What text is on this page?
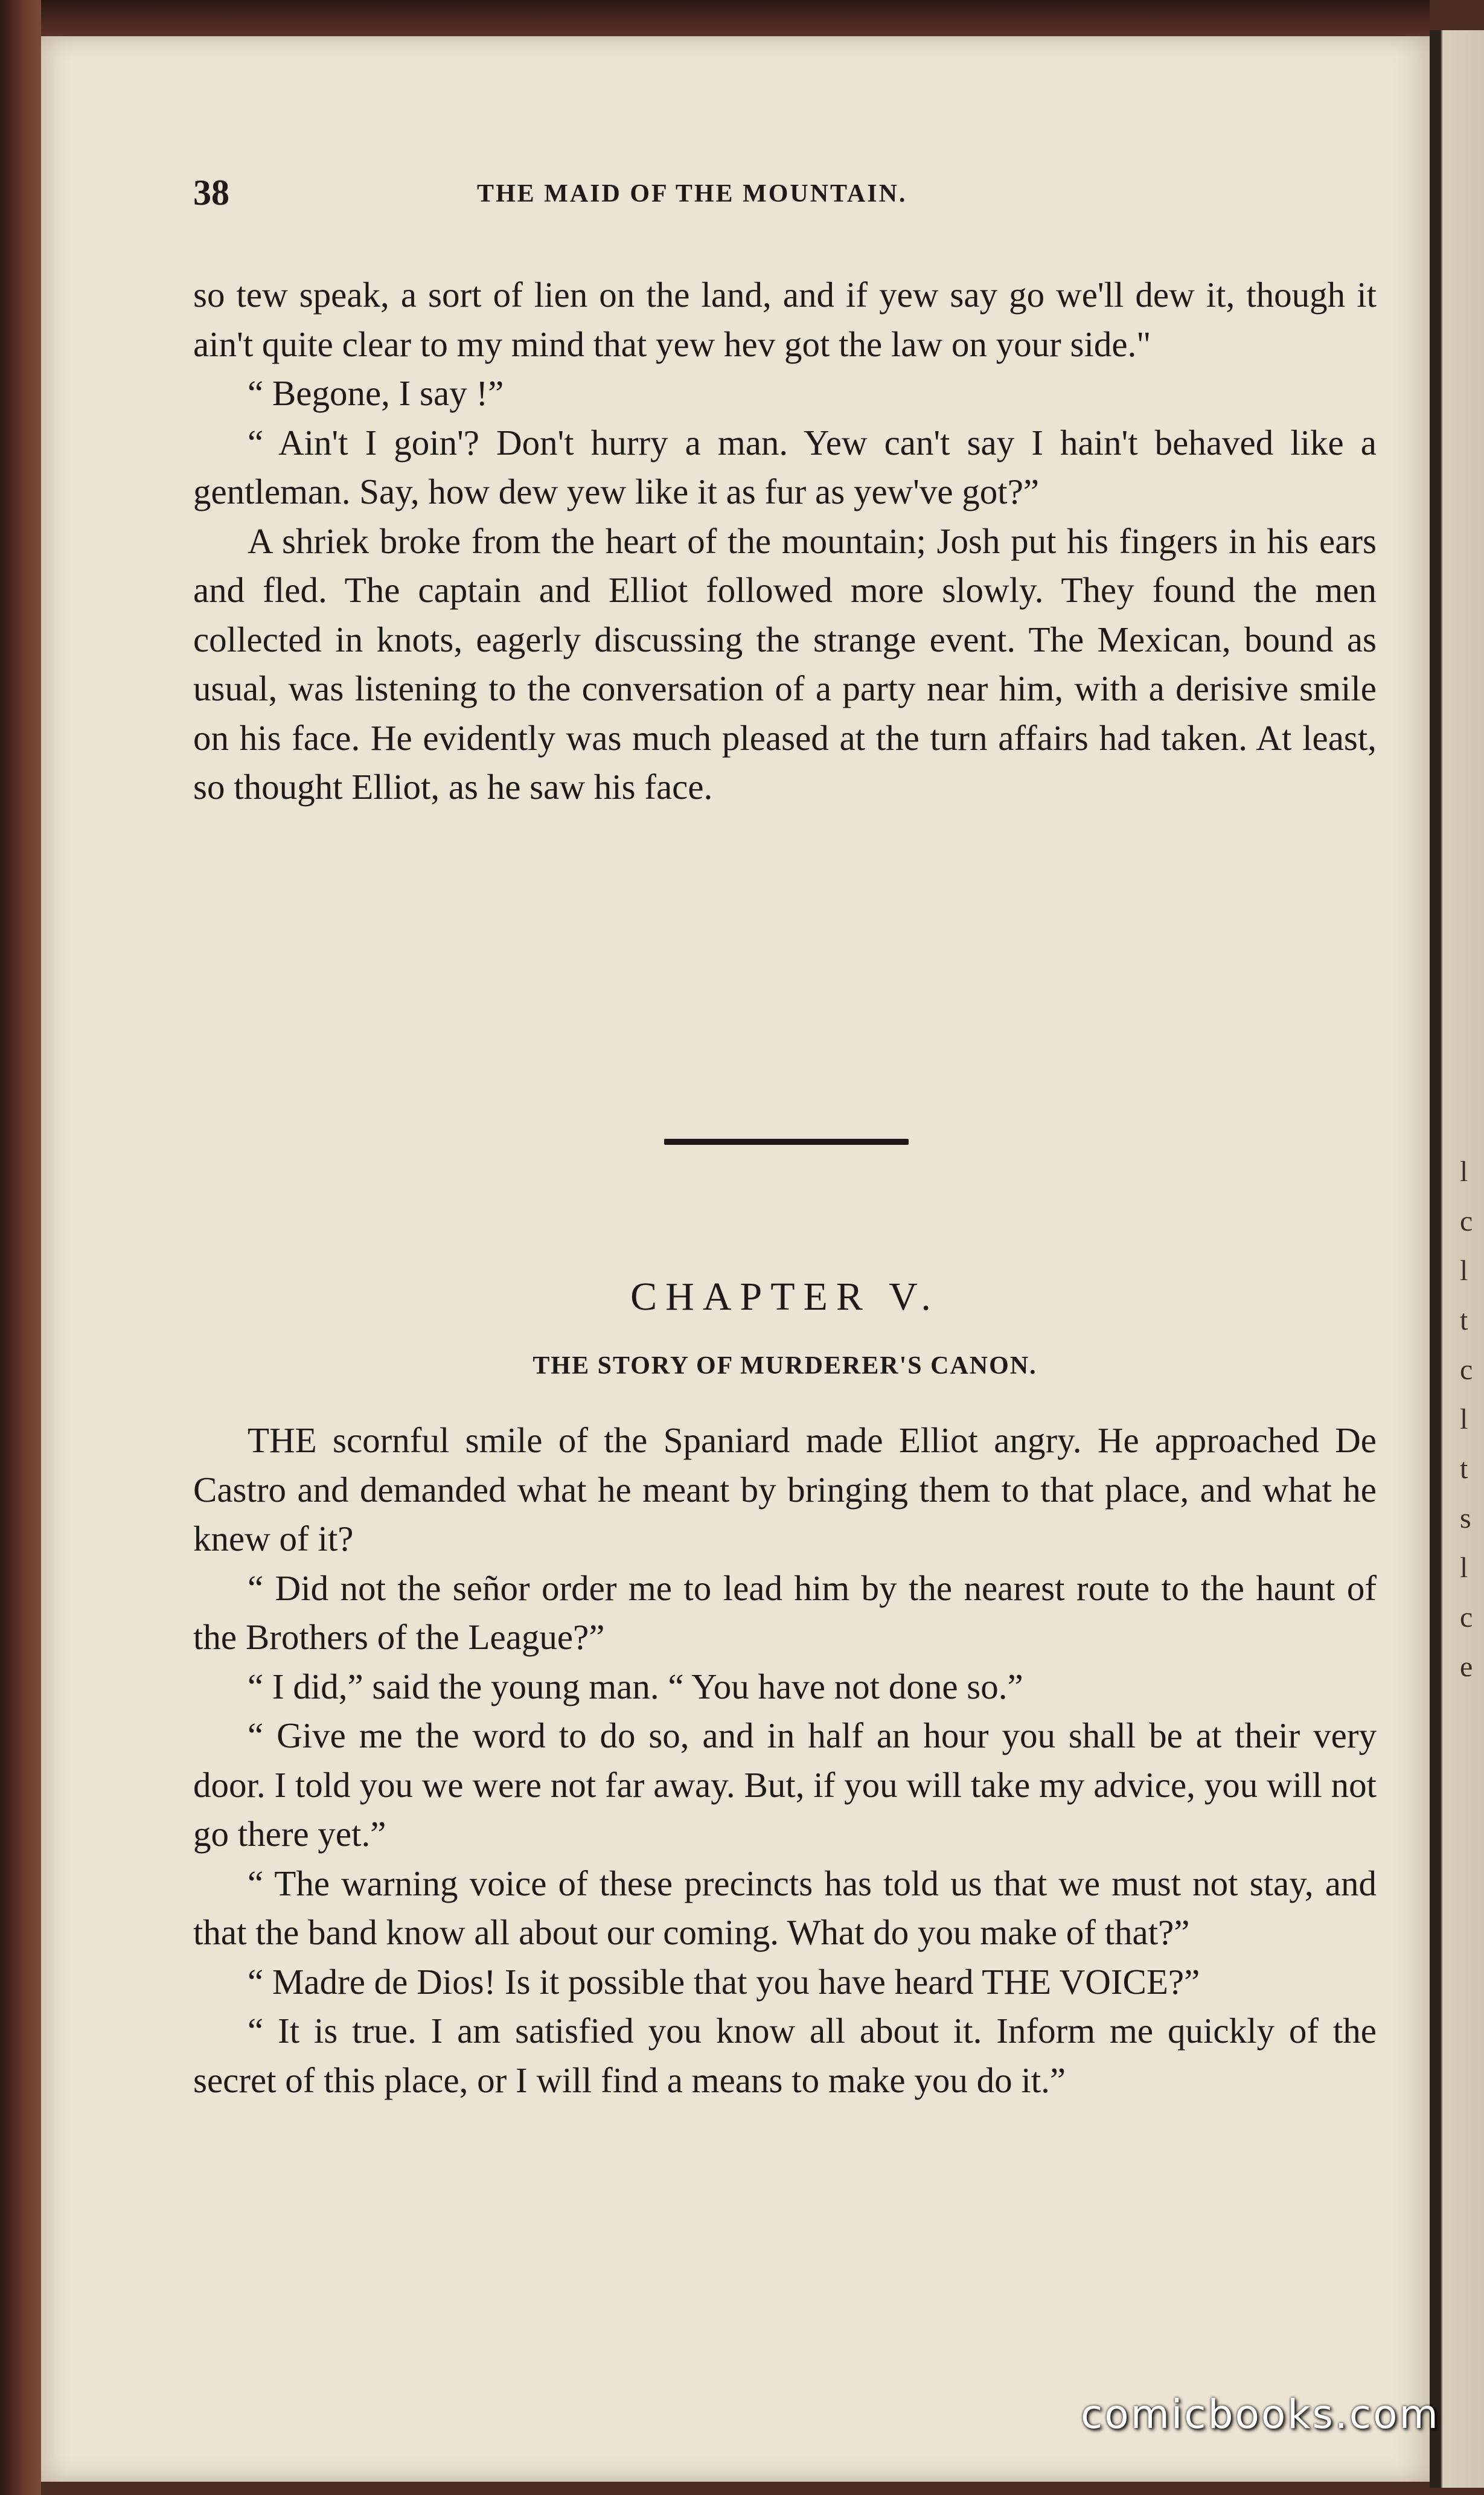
l
c
l
t
c
l
t
s
l
c
e
38	THE MAID OF THE MOUNTAIN.

so tew speak, a sort of lien on the land, and if yew say go we'll dew it, though it ain't quite clear to my mind that yew hev got the law on your side."

“ Begone, I say !”

“ Ain't I goin'? Don't hurry a man. Yew can't say I hain't behaved like a gentleman. Say, how dew yew like it as fur as yew've got?”

A shriek broke from the heart of the mountain; Josh put his fingers in his ears and fled. The captain and Elliot followed more slowly. They found the men collected in knots, eagerly discussing the strange event. The Mexican, bound as usual, was listening to the conversation of a party near him, with a derisive smile on his face. He evidently was much pleased at the turn affairs had taken. At least, so thought Elliot, as he saw his face.

CHAPTER V.
THE STORY OF MURDERER'S CANON.

THE scornful smile of the Spaniard made Elliot angry. He approached De Castro and demanded what he meant by bringing them to that place, and what he knew of it?

“ Did not the señor order me to lead him by the nearest route to the haunt of the Brothers of the League?”

“ I did,” said the young man. “ You have not done so.”

“ Give me the word to do so, and in half an hour you shall be at their very door. I told you we were not far away. But, if you will take my advice, you will not go there yet.”

“ The warning voice of these precincts has told us that we must not stay, and that the band know all about our coming. What do you make of that?”

“ Madre de Dios! Is it possible that you have heard THE VOICE?”

“ It is true. I am satisfied you know all about it. Inform me quickly of the secret of this place, or I will find a means to make you do it.”

comicbooks.com
